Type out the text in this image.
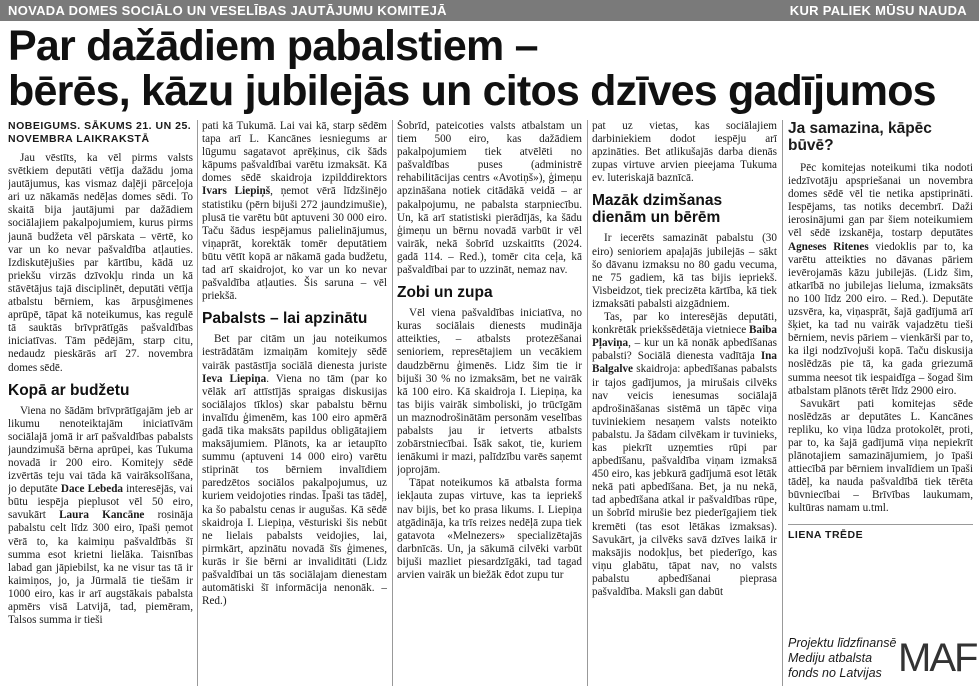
NOVADA DOMES SOCIĀLO UN VESELĪBAS JAUTĀJUMU KOMITEJĀ	KUR PALIEK MŪSU NAUDA
Par dažādiem pabalstiem –
bērēs, kāzu jubilejās un citos dzīves gadījumos
NOBEIGUMS. SĀKUMS 21. UN 25. NOVEMBRA LAIKRAKSTĀ

Jau vēstīts, ka vēl pirms valsts svētkiem deputāti vētīja dažādu joma jautājumus, kas vismaz daļēji pārceļoja ari uz nākamās nedēļas domes sēdi. To skaitā bija jautājumi par dažādiem sociālajiem pakalpojumiem, kurus pirms jaunā budžeta vēl pārskata – vērtē, ko var un ko nevar pašvaldība atļauties. Izdiskutējušies par kārtību, kādā uz priekšu virzās dzīvokļu rinda un kā stāvētājus tajā disciplinēt, deputāti vētīja atbalstu bērniem, kas ārpusģimenes aprūpē, tāpat kā noteikumus, kas regulē tā sauktās brīvprātīgās pašvaldības iniciatīvas. Tām pēdējām, starp citu, nedaudz pieskārās arī 27. novembra domes sēdē.

Kopā ar budžetu

Viena no šādām brīvprātīgajām jeb ar likumu nenoteiktajām iniciatīvām sociālajā jomā ir arī pašvaldības pabalsts jaundzimušā bērna aprūpei, kas Tukuma novadā ir 200 eiro. Komitejу sēdē izvērtās teju vai tāda kā vairāksolīšana, jo deputāte Dace Lebeda interesējās, vai būtu iespēja pieplusot vēl 50 eiro, savukārt Laura Kancāne rosināja pabalstu celt līdz 300 eiro, īpaši ņemot vērā to, ka kaimiņu pašvaldībās šī summa esot krietni lielāka. Taisnības labad gan jāpiebilst, ka ne visur tas tā ir kaimiņos, jo, ja Jūrmalā tie tiešām ir 1000 eiro, kas ir arī augstākais pabalsta apmērs visā Latvijā, tad, piemēram, Talsos summa ir tieši

pati kā Tukumā. Lai vai kā, starp sēdēm tapa arī L. Kancānes iesniegums ar lūgumu sagatavot aprēķinus, cik šāds kāpums pašvaldībai varētu izmaksāt. Kā domes sēdē skaidroja izpilddirektors Ivars Liepiņš, ņemot vērā līdzšinējo statistiku (pērn bijuši 272 jaundzimušie), plusā tie varētu būt aptuveni 30 000 eiro. Taču šādus iespējamus palielinājumus, viņaprāt, korektāk tomēr deputātiem būtu vētīt kopā ar nākamā gada budžetu, tad arī skaidrojot, ko var un ko nevar pašvaldība atļauties. Šis saruna – vēl priekšā.

Pabalsts – lai apzinātu

Bet par citām un jau noteikumos iestrādātām izmaiņām komitejу sēdē vairāk pastāstīja sociālā dienesta juriste Ieva Liepiņa. Viena no tām (par ko vēlāk arī attīstījās spraigas diskusijas sociālajos tīklos) skar pabalstu bērnu invalīdu ģimenēm, kas 100 eiro apmērā gadā tika maksāts papildus obligātajiem maksājumiem. Plānots, ka ar ietaupīto summu (aptuveni 14 000 eiro) varētu stiprināt tos bērniem invalīdiem paredzētos sociālos pakalpojumus, uz kuriem veidojoties rindas. Īpaši tas tādēļ, ka šo pabalstu cenas ir augušas. Kā sēdē skaidroja I. Liepiņa, vēsturiski šis nebūt ne lielais pabalsts veidojies, lai, pirmkārt, apzinātu novadā šīs ģimenes, kurās ir šie bērni ar invaliditāti (Lidz pašvaldībai un tās sociālajam dienestam automātiski šī informācija nenonāk. – Red.)

Šobrīd, pateicoties valsts atbalstam un tiem 500 eiro, kas dažādiem pakalpojumiem tiek atvēlēti no pašvaldības puses (administrē rehabilitācijas centrs «Avotiņš»), ģimeņu apzināšana notiek citādākā veidā – ar pakalpojumu, ne pabalsta starpniecību. Un, kā arī statistiski pierādījās, ka šādu ģimeņu un bērnu novadā varbūt ir vēl vairāk, nekā šobrīd uzskaitīts (2024. gadā 114. – Red.), tomēr cita ceļa, kā pašvaldībai par to uzzināt, nemaz nav.

Zobi un zupa

Vēl viena pašvaldības iniciatīva, no kuras sociālais dienests mudināja atteikties, – atbalsts protezēšanai senioriem, represētajiem un vecākiem daudzbērnu ģimenēs. Lidz šim tie ir bijuši 30 % no izmaksām, bet ne vairāk kā 100 eiro. Kā skaidroja I. Liepiņa, ka tas bijis vairāk simboliski, jo trūcīgām un maznodrošinātām personām veselības pabalsts jau ir ietverts atbalsts zobārstniecībai. Īsāk sakot, tie, kuriem ienākumi ir mazi, palīdzību varēs saņemt joprojām.

Tāpat noteikumos kā atbalsta forma iekļauta zupas virtuve, kas ta iepriekš nav bijis, bet ko prasa likums. I. Liepiņa atgādināja, ka trīs reizes nedēļā zupa tiek gatavota «Melnezers» specializētajās darbnīcās. Un, ja sākumā cilvēki varbūt bijuši mazliet piesardzīgāki, tad tagad arvien vairāk un biežāk ēdot zupu tur

pat uz vietas, kas sociālajiem darbiniekiem dodot iespēju arī apzināties. Bet atlikušajās darba dienās zupas virtuve arvien pieejama Tukuma ev. luteriskajā baznīcā.

Mazāk dzimšanas dienām un bērēm

Ir iecerēts samazināt pabalstu (30 eiro) senioriem apaļajās jubilejās – sākt šo dāvanu izmaksu no 80 gadu vecuma, ne 75 gadiem, kā tas bijis iepriekš. Visbeidzot, tiek precizēta kārtība, kā tiek izmaksāti pabalsti aizgādniem.

Tas, par ko interesējās deputāti, konkrētāk priekšsēdētāja vietniece Baiba Pļaviņa, – kur un kā nonāk apbedīšanas pabalsti? Sociālā dienesta vadītāja Ina Balgalve skaidroja: apbedīšanas pabalsts ir tajos gadījumos, ja mirušais cilvēks nav veicis ienesumas sociālajā apdrošināšanas sistēmā un tāpēc viņa tuviniekiem nesaņem valsts noteikto pabalstu. Ja šādam cilvēkam ir tuvinieks, kas piekrīt uzņemties rūpi par apbedīšanu, pašvaldība viņam izmaksā 450 eiro, kas jebkurā gadījumā esot lētāk nekā pati apbedīšana. Bet, ja nu nekā, tad apbedīšana atkal ir pašvaldības rūpe, un šobrīd mirušie bez piederīgajiem tiek kremēti (tas esot lētākas izmaksas). Savukārt, ja cilvēks savā dzīves laikā ir maksājis nodokļus, bet piederīgo, kas viņu glabātu, tāpat nav, no valsts pabalstu apbedīšanai pieprasa pašvaldība. Maksli gan dabūt

Ja samazina, kāpēc būvē?

Pēc komitejas noteikumi tika nodoti iedzīvotāju apspriešanai un novembra domes sēdē vēl tie netika apstiprināti. Iespējams, tas notiks decembrī. Daži ierosinājumi gan par šiem noteikumiem vēl sēdē izskanēja, tostarp deputātes Agneses Ritenes viedoklis par to, ka varētu atteikties no dāvanas pāriem ievērojamās kāzu jubilejās. (Lidz šim, atkarībā no jubilejas lieluma, izmaksāts no 100 līdz 200 eiro. – Red.). Deputāte uzsvēra, ka, viņasprāt, šajā gadījumā arī šķiet, ka tad nu vairāk vajadzētu tieši bērniem, nevis pāriem – vienkārši par to, ka ilgi nodzīvojuši kopā. Taču diskusija noslēdzās pie tā, ka gada griezumā summa neesot tik iespaidīga – šogad šim atbalstam plānots tērēt līdz 2900 eiro.

Savukārt pati komitejas sēde noslēdzās ar deputātes L. Kancānes repliku, ko viņa lūdza protokolēt, proti, par to, ka šajā gadījumā viņa nepiekrīt plānotajiem samazinājumiem, jo īpaši attiecībā par bērniem invalīdiem un īpaši tādēļ, ka nauda pašvaldībā tiek tērēta būvniecībai – Brīvības laukumam, kultūras namam u.tml.

LIENA TRĒDE
Projektu līdzfinansē Mediju atbalsta fonds no Latvijas MAF
